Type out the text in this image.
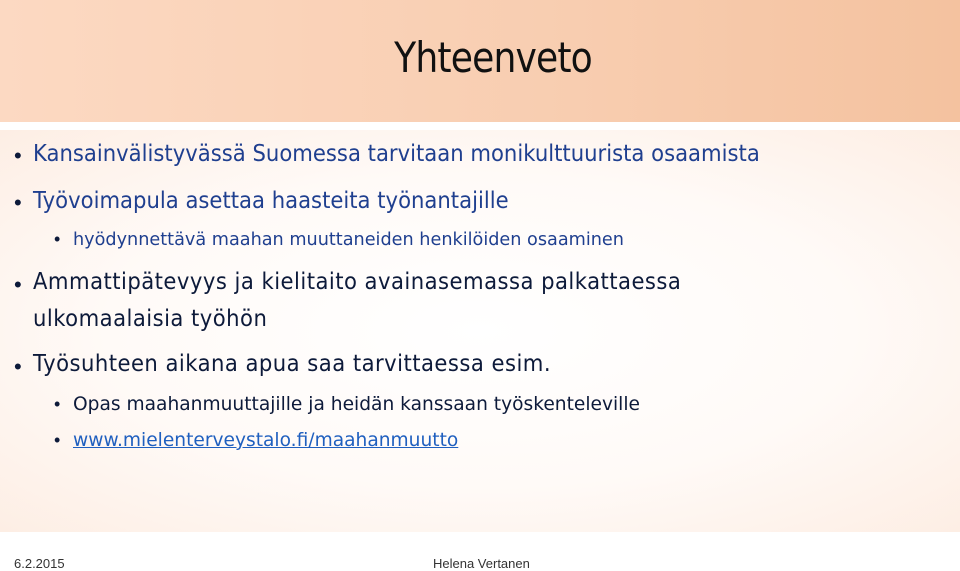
Yhteenveto
• Kansainvälistyvässä Suomessa tarvitaan monikulttuurista osaamista
• Työvoimapula asettaa haasteita työnantajille
• hyödynnettävä maahan muuttaneiden henkilöiden osaaminen
• Ammattipätevyys ja kielitaito avainasemassa palkattaessa
ulkomaalaisia työhön
• Työsuhteen aikana apua saa tarvittaessa esim.
• Opas maahanmuuttajille ja heidän kanssaan työskenteleville
• www.mielenterveystalo.fi/maahanmuutto
6.2.2015	Helena Vertanen
